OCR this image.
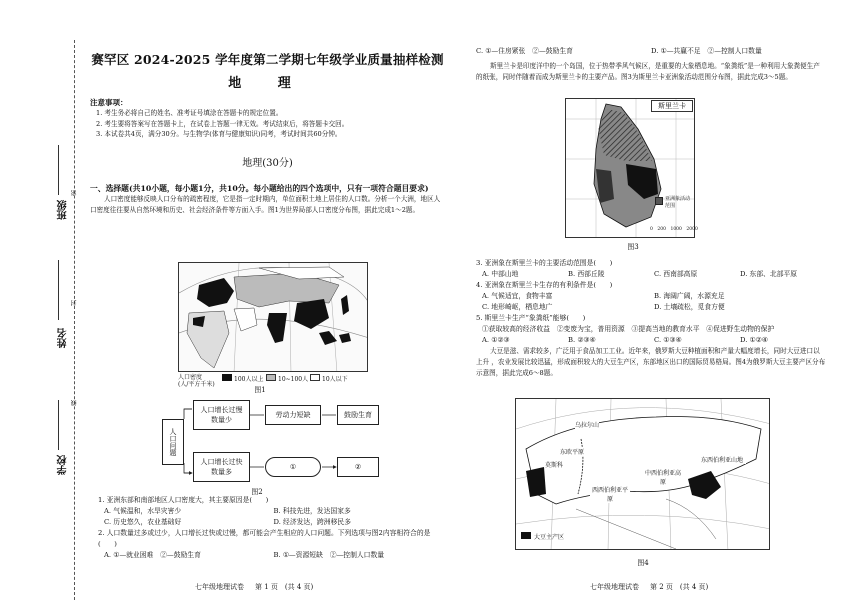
班级
姓名
学校
密
封
线
赛罕区 2024-2025 学年度第二学期七年级学业质量抽样检测
地 理
注意事项：
1. 考生务必将自己的姓名、准考证号填涂在答题卡的规定位置。
2. 考生要将答案写在答题卡上，在试卷上答题一律无效。考试结束后，将答题卡交回。
3. 本试卷共4页，满分30分。与生物学(体育与健康知识)同考，考试时间共60分钟。
地理(30分)
一、选择题(共10小题，每小题1分，共10分。每小题给出的四个选项中，只有一项符合题目要求)
人口密度能够反映人口分布的疏密程度，它是指一定时期内，单位面积土地上居住的人口数。分析一个大洲，地区人口密度往往要从自然环境和历史、社会经济条件等方面入手。图1为世界局部人口密度分布图，据此完成1～2题。
人口密度
(人/平方千米)
100人以上 10~100人 10人以下
图1
人口问题
人口增长过慢
数量少
劳动力短缺	鼓励生育
人口增长过快
数量多
①	②
图2
1. 亚洲东部和南部地区人口密度大，其主要原因是(　　)
A. 气候温和，水旱灾害少	B. 科技先进，发达国家多
C. 历史悠久，农业基础好	D. 经济发达，跨洲移民多
2. 人口数量过多或过少，人口增长过快或过慢，都可能会产生相应的人口问题。下列选项与图2内容相符合的是(　　)
A. ①—就业困难　②—鼓励生育	B. ①—资源短缺　②—控制人口数量
七年级地理试卷 第 1 页　(共 4 页)
C. ①—住房紧张　②—鼓励生育	D. ①—共赢不足　②—控制人口数量
斯里兰卡是印度洋中的一个岛国，位于热带季风气候区，是重要的大象栖息地。“象粪纸”是一种利用大象粪便生产的纸张，同时伴随着而成为斯里兰卡的主要产品。图3为斯里兰卡亚洲象活动范围分布图，据此完成3～5题。
斯里兰卡
亚洲象活动范围
0　200　1000　2000
图3
3. 亚洲象在斯里兰卡的主要活动范围是(　　)
A. 中部山地	B. 西部丘陵	C. 西南部高原	D. 东部、北部平原
4. 亚洲象在斯里兰卡生存的有利条件是(　　)
A. 气候适宜，食物丰富	B. 海阔广阔，水源充足
C. 地形崎岖，栖息地广	D. 土壤疏松，觅食方便
5. 斯里兰卡生产“象粪纸”能够(　　)
①获取较高的经济收益　②变废为宝，普用资源　③提高当地的教育水平　④促进野生动物的保护
A. ①②③	B. ②③④	C. ①③④	D. ①②④
大豆是滋、需求较多，广泛用于食品加工工业。近年来，俄罗斯大豆种植面积和产量大幅度增长，同时大豆进口以上升 ，农业发展比较迅猛，形成面积较大的大豆生产区，东部地区出口的国际贸易格局。图4为俄罗斯大豆主要产区分布示意图，据此完成6～8题。
莫斯科
东欧平原
西西伯利亚平原
中西伯利亚高原
东西伯利亚山地
乌拉尔山
大豆主产区
图4
七年级地理试卷 第 2 页　(共 4 页)
